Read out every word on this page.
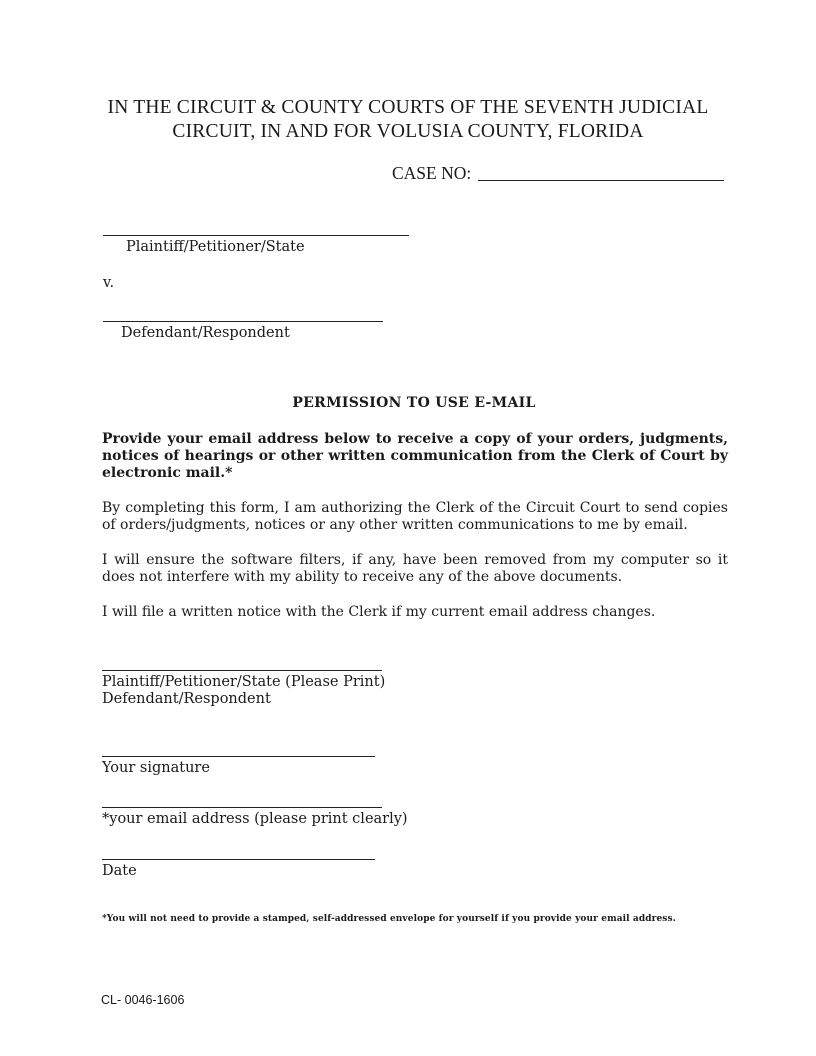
IN THE CIRCUIT & COUNTY COURTS OF THE SEVENTH JUDICIAL
CIRCUIT, IN AND FOR VOLUSIA COUNTY, FLORIDA
CASE NO:
Plaintiff/Petitioner/State
v.
Defendant/Respondent
PERMISSION TO USE E-MAIL
Provide your email address below to receive a copy of your orders, judgments, notices of hearings or other written communication from the Clerk of Court by electronic mail.*
By completing this form, I am authorizing the Clerk of the Circuit Court to send copies of orders/judgments, notices or any other written communications to me by email.
I will ensure the software filters, if any, have been removed from my computer so it does not interfere with my ability to receive any of the above documents.
I will file a written notice with the Clerk if my current email address changes.
Plaintiff/Petitioner/State (Please Print)
Defendant/Respondent
Your signature
*your email address (please print clearly)
Date
*You will not need to provide a stamped, self-addressed envelope for yourself if you provide your email address.
CL- 0046-1606
